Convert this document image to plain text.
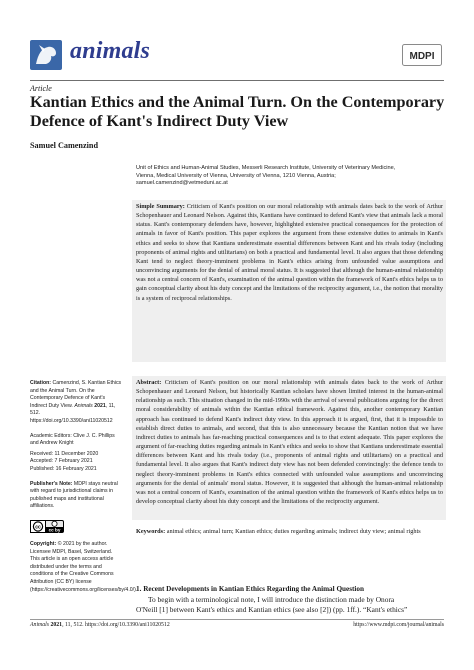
animals	MDPI
Article
Kantian Ethics and the Animal Turn. On the Contemporary Defence of Kant's Indirect Duty View
Samuel Camenzind
Unit of Ethics and Human-Animal Studies, Messerli Research Institute, University of Veterinary Medicine,
Vienna, Medical University of Vienna, University of Vienna, 1210 Vienna, Austria;
samuel.camenzind@vetmeduni.ac.at
Simple Summary: Criticism of Kant's position on our moral relationship with animals dates back to the work of Arthur Schopenhauer and Leonard Nelson. Against this, Kantians have continued to defend Kant's view that animals lack a moral status. Kant's contemporary defenders have, however, highlighted extensive practical consequences for the protection of animals in favor of Kant's position. This paper explores the argument from these extensive duties to animals in Kant's ethics and seeks to show that Kantians underestimate essential differences between Kant and his rivals today (including proponents of animal rights and utilitarians) on both a practical and fundamental level. It also argues that those defending Kant tend to neglect theory-imminent problems in Kant's ethics arising from unfounded value assumptions and unconvincing arguments for the denial of animal moral status. It is suggested that although the human-animal relationship was not a central concern of Kant's, examination of the animal question within the framework of Kant's ethics helps us to gain conceptual clarity about his duty concept and the limitations of the reciprocity argument, i.e., the notion that morality is a system of reciprocal relationships.
Abstract: Criticism of Kant's position on our moral relationship with animals dates back to the work of Arthur Schopenhauer and Leonard Nelson, but historically Kantian scholars have shown limited interest in the human-animal relationship as such. This situation changed in the mid-1990s with the arrival of several publications arguing for the direct moral considerability of animals within the Kantian ethical framework. Against this, another contemporary Kantian approach has continued to defend Kant's indirect duty view. In this approach it is argued, first, that it is impossible to establish direct duties to animals, and second, that this is also unnecessary because the Kantian notion that we have indirect duties to animals has far-reaching practical consequences and is to that extent adequate. This paper explores the argument of far-reaching duties regarding animals in Kant's ethics and seeks to show that Kantians underestimate essential differences between Kant and his rivals today (i.e., proponents of animal rights and utilitarians) on a practical and fundamental level. It also argues that Kant's indirect duty view has not been defended convincingly: the defence tends to neglect theory-imminent problems in Kant's ethics connected with unfounded value assumptions and unconvincing arguments for the denial of animals' moral status. However, it is suggested that although the human-animal relationship was not a central concern of Kant's, examination of the animal question within the framework of Kant's ethics helps us to develop conceptual clarity about his duty concept and the limitations of the reciprocity argument.
Keywords: animal ethics; animal turn; Kantian ethics; duties regarding animals; indirect duty view; animal rights

Citation: Camenzind, S. Kantian Ethics and the Animal Turn. On the Contemporary Defence of Kant's Indirect Duty View. Animals 2021, 11, 512. https://doi.org/10.3390/ani11020512

Academic Editors: Clive J. C. Phillips and Andrew Knight

Received: 11 December 2020

Accepted: 7 February 2021

Published: 16 February 2021

Publisher's Note: MDPI stays neutral with regard to jurisdictional claims in published maps and institutional affiliations.

cc cc by
Copyright: © 2021 by the author. Licensee MDPI, Basel, Switzerland. This article is an open access article distributed under the terms and conditions of the Creative Commons Attribution (CC BY) license (https://creativecommons.org/licenses/by/4.0/).
1. Recent Developments in Kantian Ethics Regarding the Animal Question
To begin with a terminological note, I will introduce the distinction made by Onora
O'Neill [1] between Kant's ethics and Kantian ethics (see also [2]) (pp. 1ff.). “Kant's ethics”
Animals 2021, 11, 512. https://doi.org/10.3390/ani11020512	https://www.mdpi.com/journal/animals
